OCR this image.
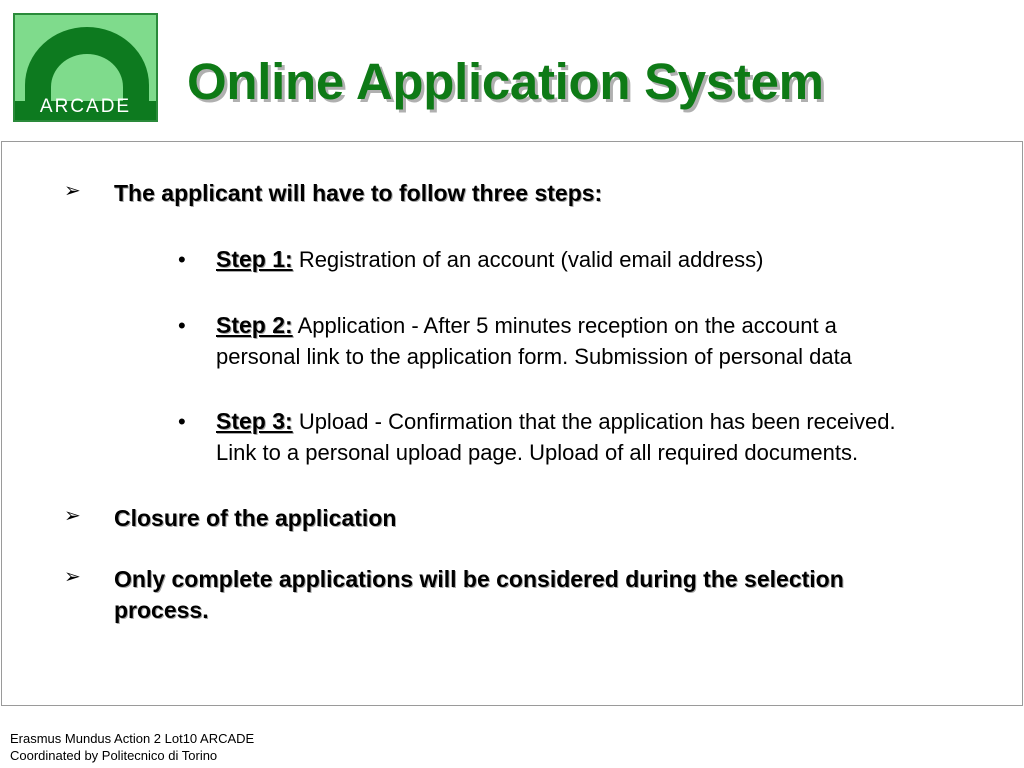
ARCADE	Online Application System
➢ The applicant will have to follow three steps:
• Step 1: Registration of an account (valid email address)
• Step 2: Application - After 5 minutes reception on the account a
personal link to the application form. Submission of personal data
• Step 3: Upload - Confirmation that the application has been received.
Link to a personal upload page. Upload of all required documents.
➢ Closure of the application
➢ Only complete applications will be considered during the selection process.
Erasmus Mundus Action 2 Lot10 ARCADE
Coordinated by Politecnico di Torino
